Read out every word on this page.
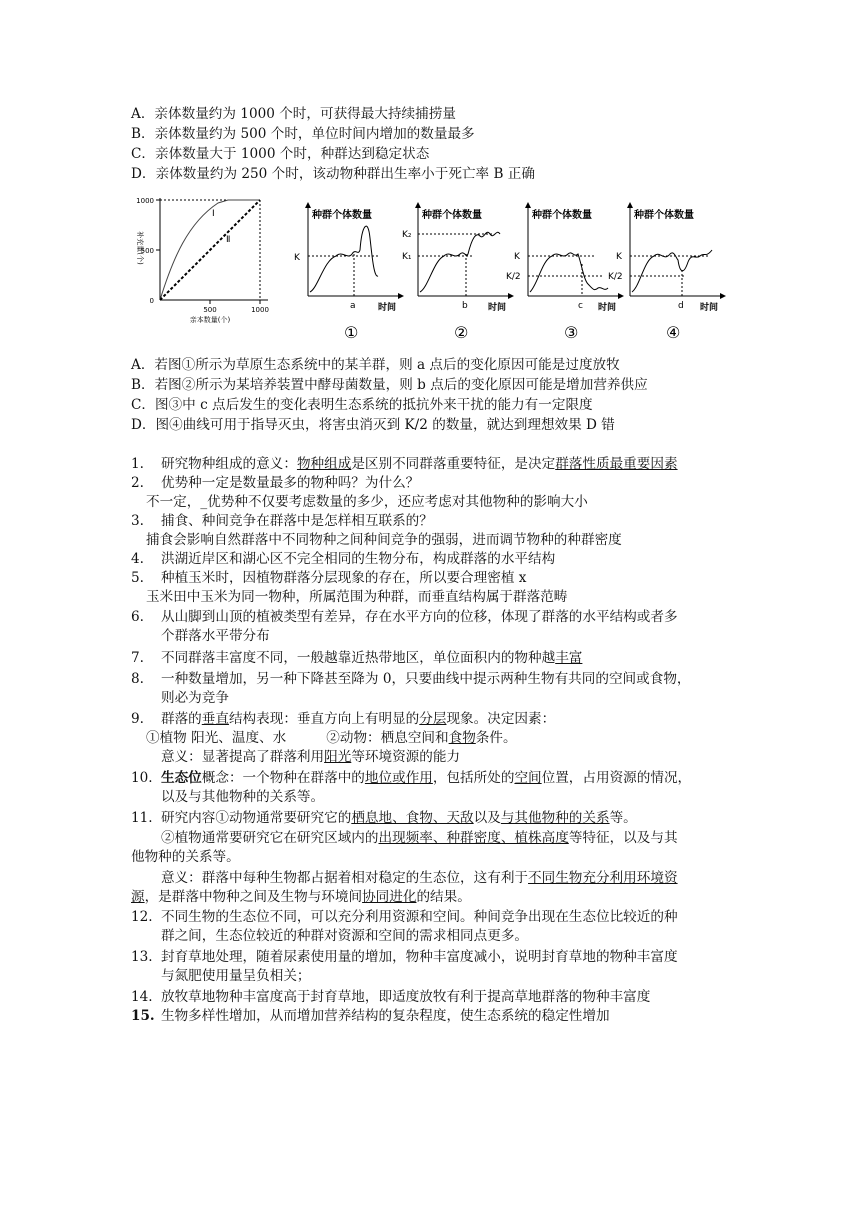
A．亲体数量约为 1000 个时，可获得最大持续捕捞量
B．亲体数量约为 500 个时，单位时间内增加的数量最多
C．亲体数量大于 1000 个时，种群达到稳定状态
D．亲体数量约为 250 个时，该动物种群出生率小于死亡率 B 正确
Ⅰ
Ⅱ
1000
500
0
500	1000
亲本数量(个)
补充量(个)
种群个体数量
K
a 时间
①
种群个体数量
K₂
K₁
b 时间
②
种群个体数量
K
K/2
c 时间
③
种群个体数量
K
K/2
d 时间
④
A．若图①所示为草原生态系统中的某羊群，则 a 点后的变化原因可能是过度放牧
B．若图②所示为某培养装置中酵母菌数量，则 b 点后的变化原因可能是增加营养供应
C．图③中 c 点后发生的变化表明生态系统的抵抗外来干扰的能力有一定限度
D．图④曲线可用于指导灭虫，将害虫消灭到 K/2 的数量，就达到理想效果 D 错
1. 研究物种组成的意义：物种组成是区别不同群落重要特征，是决定群落性质最重要因素
2. 优势种一定是数量最多的物种吗？为什么？
不一定，_优势种不仅要考虑数量的多少，还应考虑对其他物种的影响大小
3. 捕食、种间竞争在群落中是怎样相互联系的？
捕食会影响自然群落中不同物种之间种间竞争的强弱，进而调节物种的种群密度
4. 洪湖近岸区和湖心区不完全相同的生物分布，构成群落的水平结构
5. 种植玉米时，因植物群落分层现象的存在，所以要合理密植 x
玉米田中玉米为同一物种，所属范围为种群，而垂直结构属于群落范畴
6. 从山脚到山顶的植被类型有差异，存在水平方向的位移，体现了群落的水平结构或者多
个群落水平带分布
7. 不同群落丰富度不同，一般越靠近热带地区，单位面积内的物种越丰富
8. 一种数量增加，另一种下降甚至降为 0，只要曲线中提示两种生物有共同的空间或食物，
则必为竞争
9. 群落的垂直结构表现：垂直方向上有明显的分层现象。决定因素：
①植物 阳光、温度、水	②动物：栖息空间和食物条件。
意义：显著提高了群落利用阳光等环境资源的能力
10. 生态位概念：一个物种在群落中的地位或作用，包括所处的空间位置，占用资源的情况，
以及与其他物种的关系等。
11. 研究内容①动物通常要研究它的栖息地、食物、天敌以及与其他物种的关系等。
②植物通常要研究它在研究区域内的出现频率、种群密度、植株高度等特征，以及与其
他物种的关系等。
意义：群落中每种生物都占据着相对稳定的生态位，这有利于不同生物充分利用环境资
源，是群落中物种之间及生物与环境间协同进化的结果。
12. 不同生物的生态位不同，可以充分利用资源和空间。种间竞争出现在生态位比较近的种
群之间，生态位较近的种群对资源和空间的需求相同点更多。
13. 封育草地处理，随着尿素使用量的增加，物种丰富度减小，说明封育草地的物种丰富度
与氮肥使用量呈负相关；
14. 放牧草地物种丰富度高于封育草地，即适度放牧有利于提高草地群落的物种丰富度
15. 生物多样性增加，从而增加营养结构的复杂程度，使生态系统的稳定性增加
